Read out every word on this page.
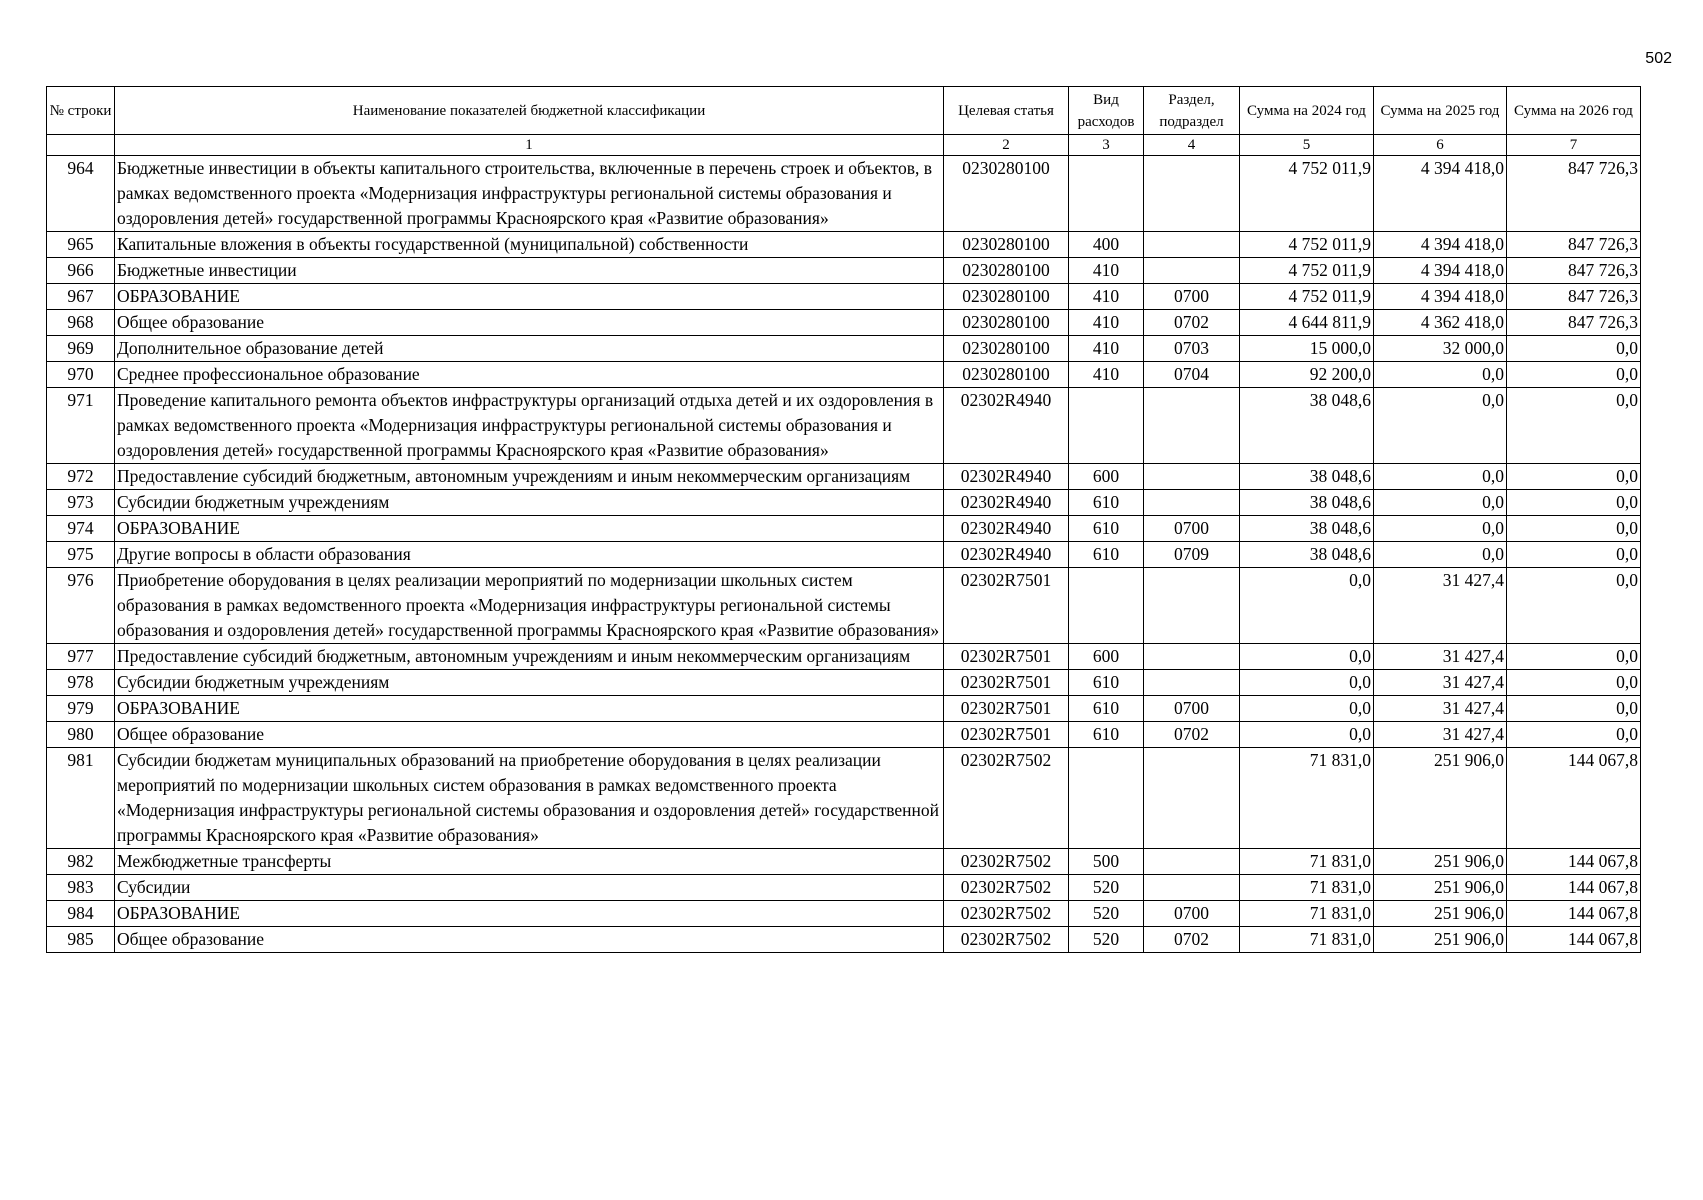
502
№ строки	Наименование показателей бюджетной классификации	Целевая статья	Вид расходов	Раздел, подраздел	Сумма на 2024 год	Сумма на 2025 год	Сумма на 2026 год
	1	2	3	4	5	6	7
964	Бюджетные инвестиции в объекты капитального строительства, включенные в перечень строек и объектов, в рамках ведомственного проекта «Модернизация инфраструктуры региональной системы образования и оздоровления детей» государственной программы Красноярского края «Развитие образования»	0230280100			4 752 011,9	4 394 418,0	847 726,3
965	Капитальные вложения в объекты государственной (муниципальной) собственности	0230280100	400		4 752 011,9	4 394 418,0	847 726,3
966	Бюджетные инвестиции	0230280100	410		4 752 011,9	4 394 418,0	847 726,3
967	ОБРАЗОВАНИЕ	0230280100	410	0700	4 752 011,9	4 394 418,0	847 726,3
968	Общее образование	0230280100	410	0702	4 644 811,9	4 362 418,0	847 726,3
969	Дополнительное образование детей	0230280100	410	0703	15 000,0	32 000,0	0,0
970	Среднее профессиональное образование	0230280100	410	0704	92 200,0	0,0	0,0
971	Проведение капитального ремонта объектов инфраструктуры организаций отдыха детей и их оздоровления в рамках ведомственного проекта «Модернизация инфраструктуры региональной системы образования и оздоровления детей» государственной программы Красноярского края «Развитие образования»	02302R4940			38 048,6	0,0	0,0
972	Предоставление субсидий бюджетным, автономным учреждениям и иным некоммерческим организациям	02302R4940	600		38 048,6	0,0	0,0
973	Субсидии бюджетным учреждениям	02302R4940	610		38 048,6	0,0	0,0
974	ОБРАЗОВАНИЕ	02302R4940	610	0700	38 048,6	0,0	0,0
975	Другие вопросы в области образования	02302R4940	610	0709	38 048,6	0,0	0,0
976	Приобретение оборудования в целях реализации мероприятий по модернизации школьных систем образования в рамках ведомственного проекта «Модернизация инфраструктуры региональной системы образования и оздоровления детей» государственной программы Красноярского края «Развитие образования»	02302R7501			0,0	31 427,4	0,0
977	Предоставление субсидий бюджетным, автономным учреждениям и иным некоммерческим организациям	02302R7501	600		0,0	31 427,4	0,0
978	Субсидии бюджетным учреждениям	02302R7501	610		0,0	31 427,4	0,0
979	ОБРАЗОВАНИЕ	02302R7501	610	0700	0,0	31 427,4	0,0
980	Общее образование	02302R7501	610	0702	0,0	31 427,4	0,0
981	Субсидии бюджетам муниципальных образований на приобретение оборудования в целях реализации мероприятий по модернизации школьных систем образования в рамках ведомственного проекта «Модернизация инфраструктуры региональной системы образования и оздоровления детей» государственной программы Красноярского края «Развитие образования»	02302R7502			71 831,0	251 906,0	144 067,8
982	Межбюджетные трансферты	02302R7502	500		71 831,0	251 906,0	144 067,8
983	Субсидии	02302R7502	520		71 831,0	251 906,0	144 067,8
984	ОБРАЗОВАНИЕ	02302R7502	520	0700	71 831,0	251 906,0	144 067,8
985	Общее образование	02302R7502	520	0702	71 831,0	251 906,0	144 067,8
